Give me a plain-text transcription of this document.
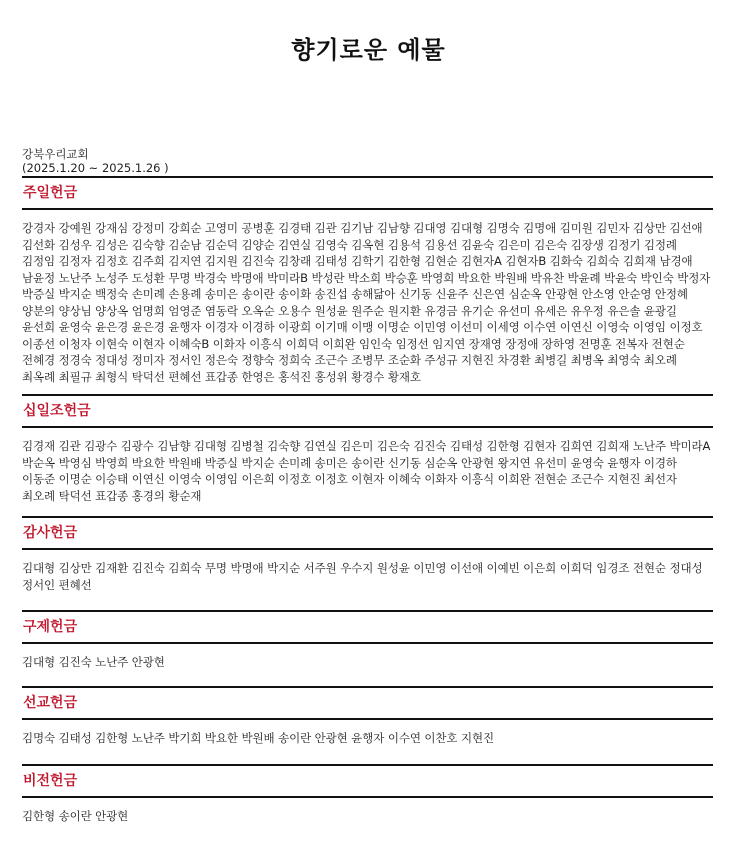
향기로운 예물
강북우리교회
(2025.1.20 ~ 2025.1.26 )
주일헌금
강경자 강예원 강재심 강정미 강희순 고영미 공병훈 김경태 김관 김기남 김남향 김대영 김대형 김명숙 김명애 김미원 김민자 김상만 김선애 김선화 김성우 김성은 김숙향 김순남 김순덕 김양순 김연실 김영숙 김옥현 김용석 김용선 김윤숙 김은미 김은숙 김장생 김정기 김정례 김정임 김정자 김정호 김주희 김지연 김지원 김진숙 김창래 김태성 김학기 김한형 김현순 김현자A 김현자B 김화숙 김희숙 김희재 남경애 남윤정 노난주 노성주 도성환 무명 박경숙 박명애 박미라B 박성란 박소희 박승훈 박영희 박요한 박원배 박유찬 박윤례 박윤숙 박인숙 박정자 박증실 박지순 백정숙 손미례 손용례 송미은 송이란 송이화 송진섭 송해닮아 신기동 신윤주 신은연 심순옥 안광현 안소영 안순영 안정혜 양분의 양상님 양상옥 엄명희 엄영준 염동락 오옥순 오용수 원성윤 원주순 원지환 유경금 유기순 유선미 유세은 유우정 유은솔 윤광길 윤선희 윤영숙 윤은경 윤은경 윤행자 이경자 이경하 이광희 이기매 이맹 이명순 이민영 이선미 이세영 이수연 이연신 이영숙 이영임 이정호 이종선 이청자 이현숙 이현자 이혜숙B 이화자 이흥식 이희덕 이희완 임인숙 임정선 임지연 장재영 장정애 장하영 전명훈 전복자 전현순 전혜경 정경숙 정대성 정미자 정서인 정은숙 정향숙 정희숙 조근수 조병무 조순화 주성규 지현진 차경환 최병길 최병옥 최영숙 최오례 최옥례 최필규 최형식 탁덕선 편혜선 표갑종 한영은 홍석진 홍성위 황경수 황재호
십일조헌금
김경재 김관 김광수 김광수 김남향 김대형 김병철 김숙향 김연실 김은미 김은숙 김진숙 김태성 김한형 김현자 김희연 김희재 노난주 박미라A 박순옥 박영심 박영희 박요한 박원배 박증실 박지순 손미례 송미은 송이란 신기동 심순옥 안광현 왕지연 유선미 윤영숙 윤행자 이경하 이동준 이명순 이승태 이연신 이영숙 이영임 이은희 이정호 이정호 이현자 이혜숙 이화자 이흥식 이희완 전현순 조근수 지현진 최선자 최오례 탁덕선 표갑종 홍경의 황순재
감사헌금
김대형 김상만 김재환 김진숙 김희숙 무명 박명애 박지순 서주원 우수지 원성윤 이민영 이선애 이예빈 이은희 이희덕 임경조 전현순 정대성 정서인 편혜선
구제헌금
김대형 김진숙 노난주 안광현
선교헌금
김명숙 김태성 김한형 노난주 박기희 박요한 박원배 송이란 안광현 윤행자 이수연 이찬호 지현진
비전헌금
김한형 송이란 안광현
